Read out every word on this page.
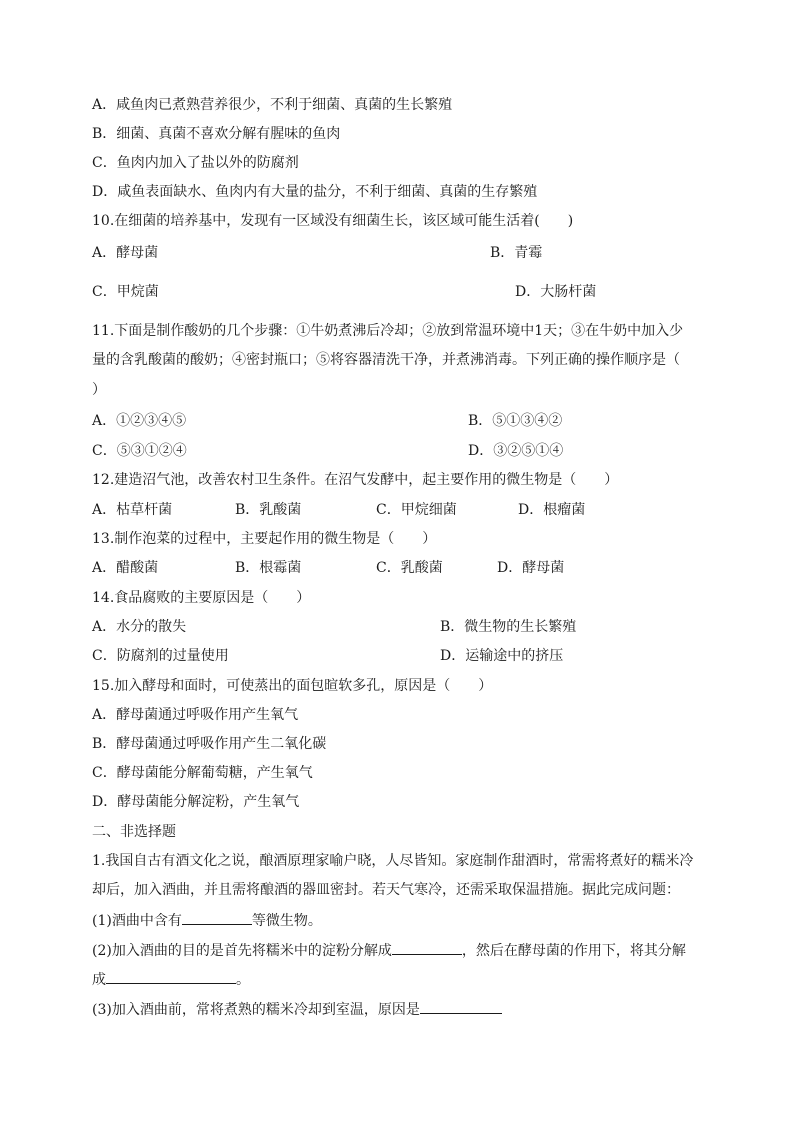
A．咸鱼肉已煮熟营养很少，不利于细菌、真菌的生长繁殖
B．细菌、真菌不喜欢分解有腥味的鱼肉
C．鱼肉内加入了盐以外的防腐剂
D．咸鱼表面缺水、鱼肉内有大量的盐分，不利于细菌、真菌的生存繁殖
10.在细菌的培养基中，发现有一区域没有细菌生长，该区域可能生活着(　　)
A．酵母菌	B．青霉
C．甲烷菌	D．大肠杆菌
11.下面是制作酸奶的几个步骤：①牛奶煮沸后冷却；②放到常温环境中1天；③在牛奶中加入少
量的含乳酸菌的酸奶；④密封瓶口；⑤将容器清洗干净，并煮沸消毒。下列正确的操作顺序是（
）
A．①②③④⑤	B．⑤①③④②
C．⑤③①②④	D．③②⑤①④
12.建造沼气池，改善农村卫生条件。在沼气发酵中，起主要作用的微生物是（　　）
A．枯草杆菌	B．乳酸菌	C．甲烷细菌	D．根瘤菌
13.制作泡菜的过程中，主要起作用的微生物是（　　）
A．醋酸菌	B．根霉菌	C．乳酸菌	D．酵母菌
14.食品腐败的主要原因是（　　）
A．水分的散失	B．微生物的生长繁殖
C．防腐剂的过量使用	D．运输途中的挤压
15.加入酵母和面时，可使蒸出的面包暄软多孔，原因是（　　）
A．酵母菌通过呼吸作用产生氧气
B．酵母菌通过呼吸作用产生二氧化碳
C．酵母菌能分解葡萄糖，产生氧气
D．酵母菌能分解淀粉，产生氧气
二、非选择题
1.我国自古有酒文化之说，酿酒原理家喻户晓，人尽皆知。家庭制作甜酒时，常需将煮好的糯米冷
却后，加入酒曲，并且需将酿酒的器皿密封。若天气寒冷，还需采取保温措施。据此完成问题：
(1)酒曲中含有	等微生物。
(2)加入酒曲的目的是首先将糯米中的淀粉分解成	，然后在酵母菌的作用下，将其分解
成	。
(3)加入酒曲前，常将煮熟的糯米冷却到室温，原因是
